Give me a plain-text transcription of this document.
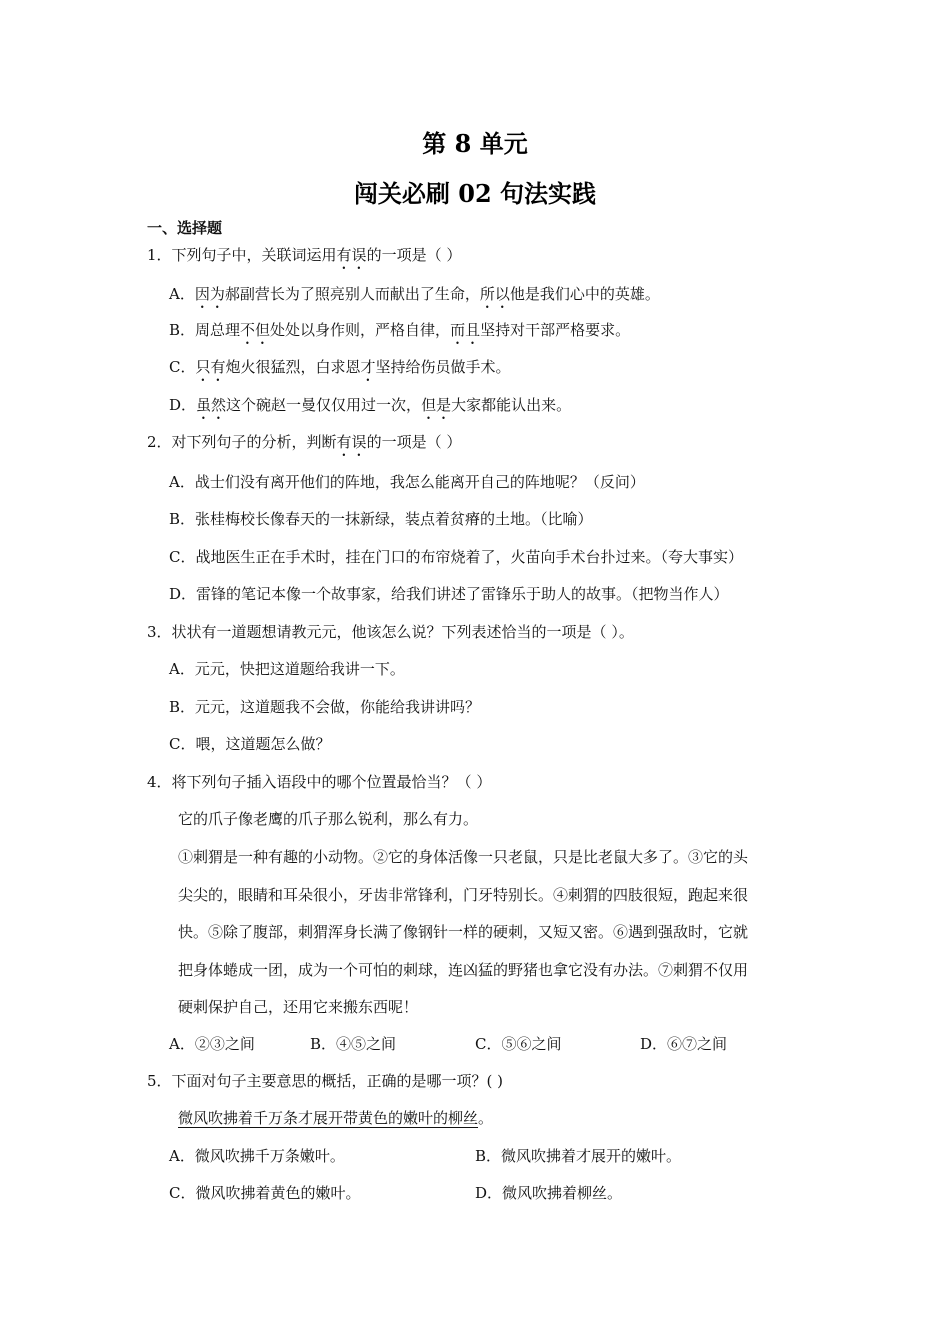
第 8 单元
闯关必刷 02 句法实践
一、选择题
1．下列句子中，关联词运用有误的一项是（ ）
A．因为郝副营长为了照亮别人而献出了生命，所以他是我们心中的英雄。
B．周总理不但处处以身作则，严格自律，而且坚持对干部严格要求。
C．只有炮火很猛烈，白求恩才坚持给伤员做手术。
D．虽然这个碗赵一曼仅仅用过一次，但是大家都能认出来。
2．对下列句子的分析，判断有误的一项是（ ）
A．战士们没有离开他们的阵地，我怎么能离开自己的阵地呢？（反问）
B．张桂梅校长像春天的一抹新绿，装点着贫瘠的土地。（比喻）
C．战地医生正在手术时，挂在门口的布帘烧着了，火苗向手术台扑过来。（夸大事实）
D．雷锋的笔记本像一个故事家，给我们讲述了雷锋乐于助人的故事。（把物当作人）
3．状状有一道题想请教元元，他该怎么说？下列表述恰当的一项是（ ）。
A．元元，快把这道题给我讲一下。
B．元元，这道题我不会做，你能给我讲讲吗？
C．喂，这道题怎么做？
4．将下列句子插入语段中的哪个位置最恰当？（ ）
它的爪子像老鹰的爪子那么锐利，那么有力。
①刺猬是一种有趣的小动物。②它的身体活像一只老鼠，只是比老鼠大多了。③它的头
尖尖的，眼睛和耳朵很小，牙齿非常锋利，门牙特别长。④刺猬的四肢很短，跑起来很
快。⑤除了腹部，刺猬浑身长满了像钢针一样的硬刺，又短又密。⑥遇到强敌时，它就
把身体蜷成一团，成为一个可怕的刺球，连凶猛的野猪也拿它没有办法。⑦刺猬不仅用
硬刺保护自己，还用它来搬东西呢！
A．②③之间	B．④⑤之间	C．⑤⑥之间	D．⑥⑦之间
5．下面对句子主要意思的概括，正确的是哪一项？( )
微风吹拂着千万条才展开带黄色的嫩叶的柳丝。
A．微风吹拂千万条嫩叶。	B．微风吹拂着才展开的嫩叶。
C．微风吹拂着黄色的嫩叶。	D．微风吹拂着柳丝。
